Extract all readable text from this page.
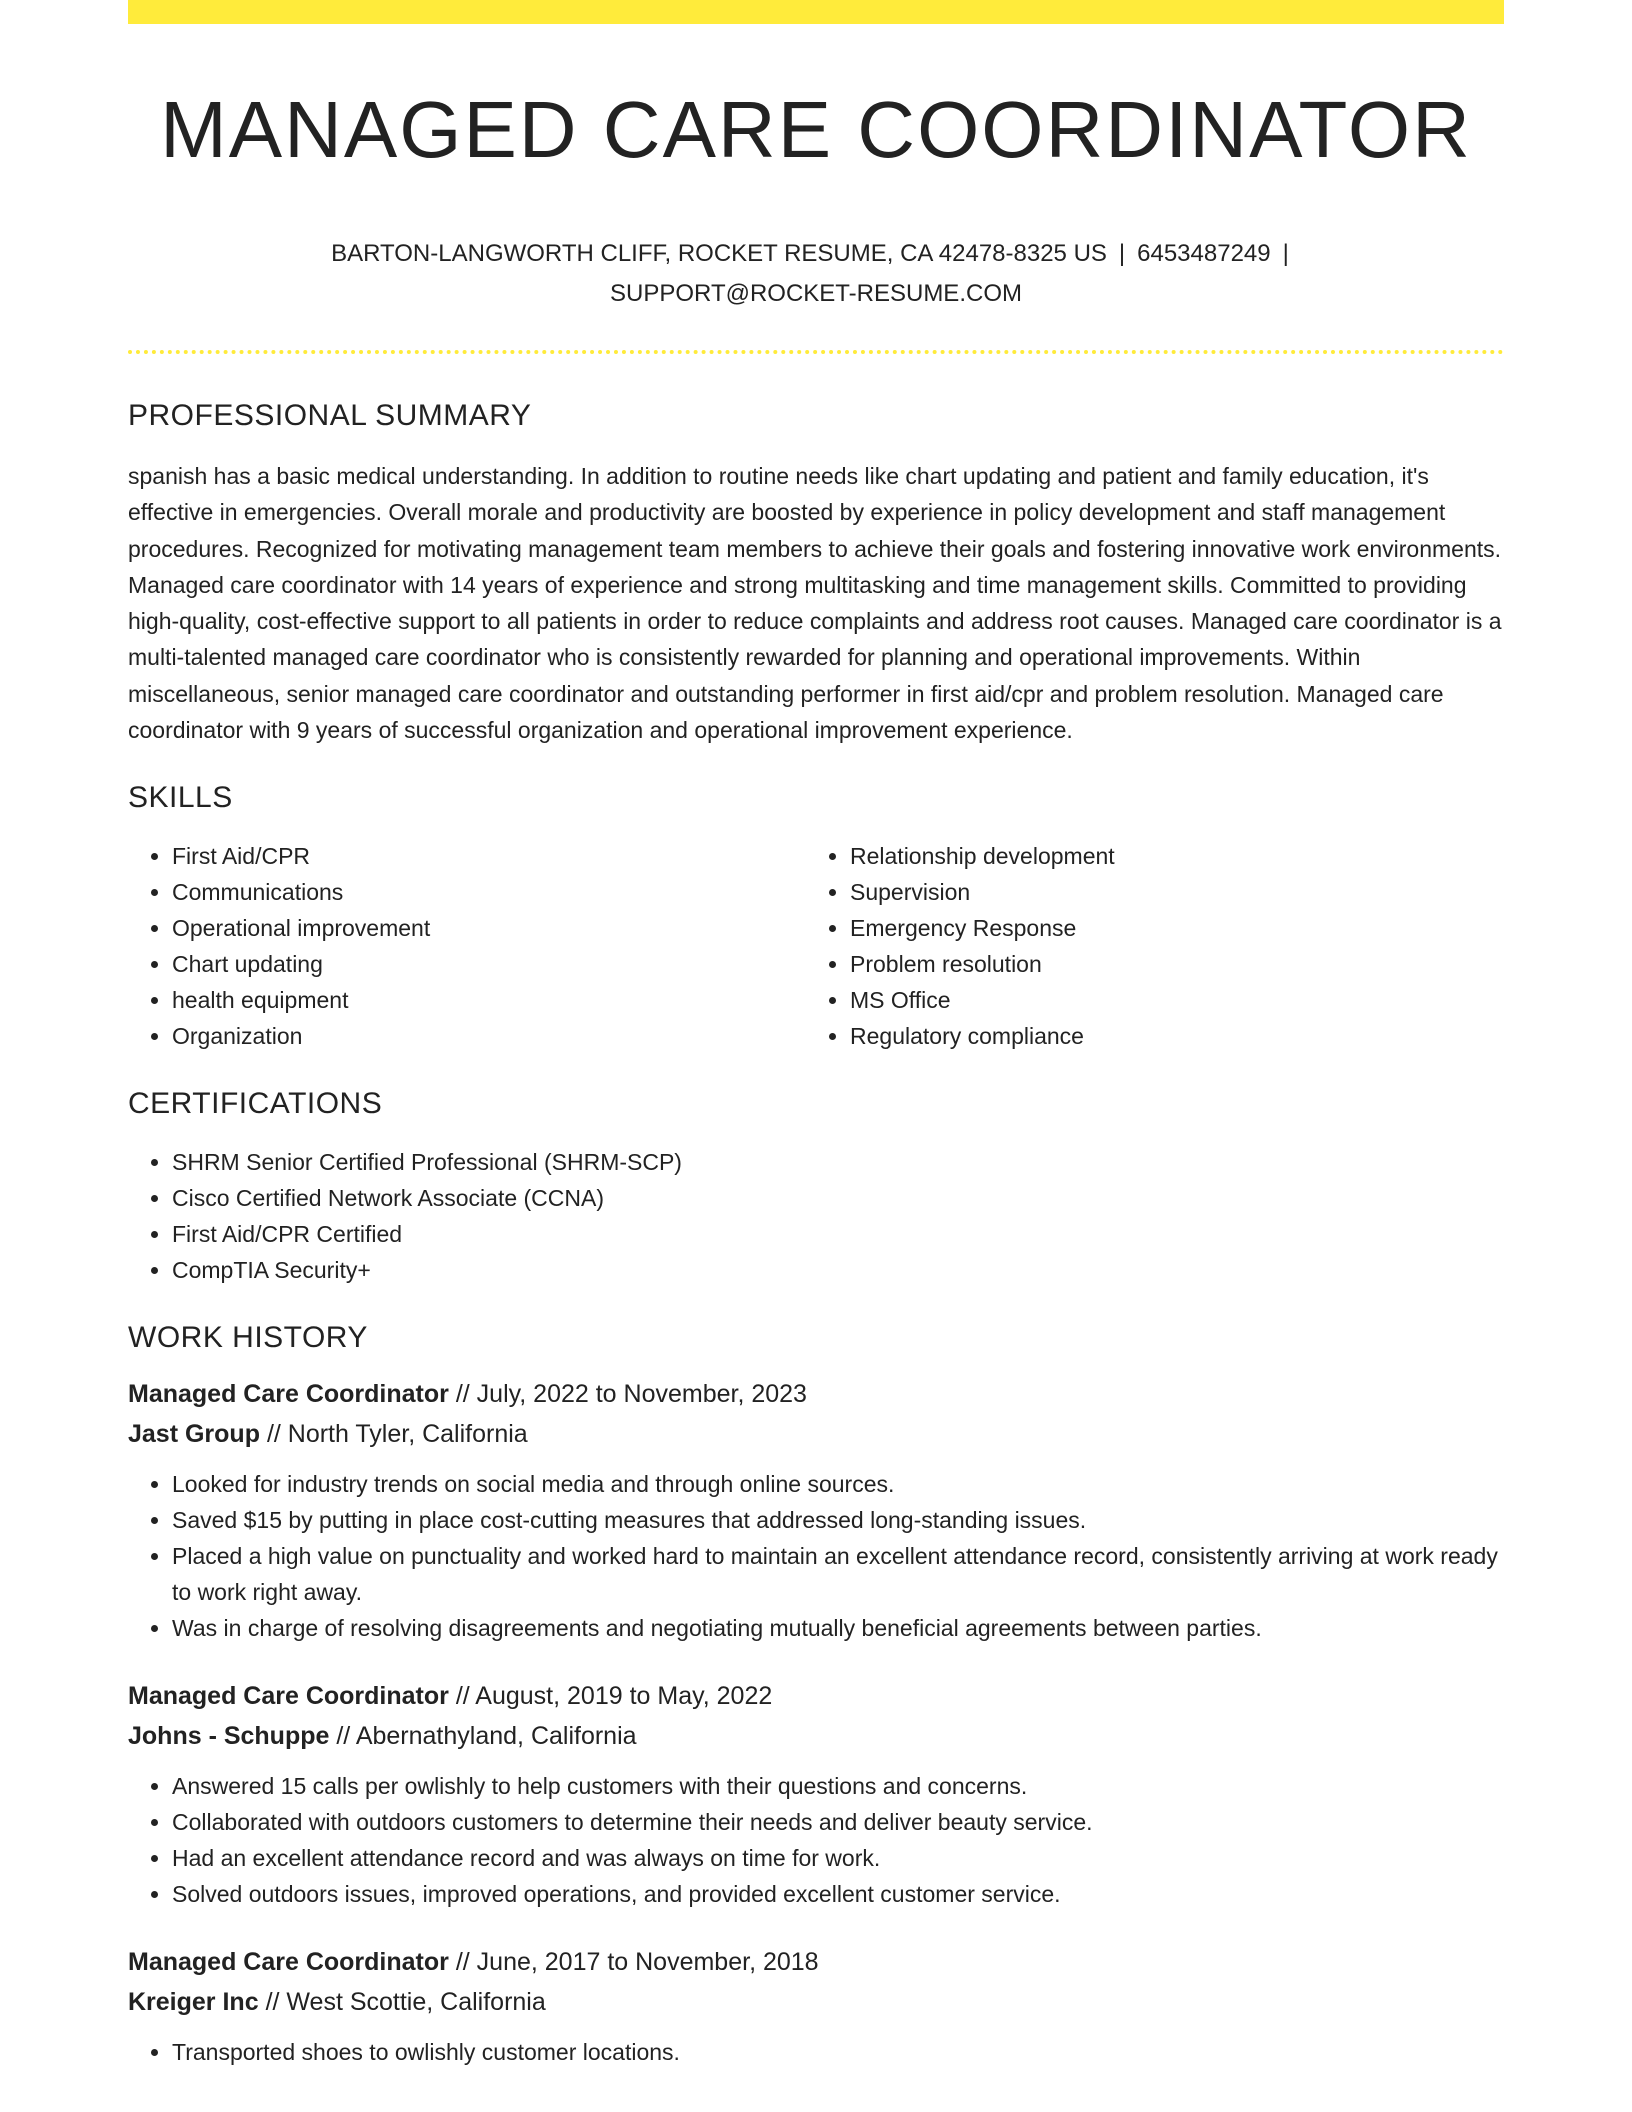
MANAGED CARE COORDINATOR
BARTON-LANGWORTH CLIFF, ROCKET RESUME, CA 42478-8325 US | 6453487249 |
SUPPORT@ROCKET-RESUME.COM
PROFESSIONAL SUMMARY

spanish has a basic medical understanding. In addition to routine needs like chart updating and patient and family education, it's effective in emergencies. Overall morale and productivity are boosted by experience in policy development and staff management procedures. Recognized for motivating management team members to achieve their goals and fostering innovative work environments. Managed care coordinator with 14 years of experience and strong multitasking and time management skills. Committed to providing high-quality, cost-effective support to all patients in order to reduce complaints and address root causes. Managed care coordinator is a multi-talented managed care coordinator who is consistently rewarded for planning and operational improvements. Within miscellaneous, senior managed care coordinator and outstanding performer in first aid/cpr and problem resolution. Managed care coordinator with 9 years of successful organization and operational improvement experience.

SKILLS
• First Aid/CPR
• Communications
• Operational improvement
• Chart updating
• health equipment
• Organization
• Relationship development
• Supervision
• Emergency Response
• Problem resolution
• MS Office
• Regulatory compliance
CERTIFICATIONS
• SHRM Senior Certified Professional (SHRM-SCP)
• Cisco Certified Network Associate (CCNA)
• First Aid/CPR Certified
• CompTIA Security+
WORK HISTORY
Managed Care Coordinator // July, 2022 to November, 2023
Jast Group // North Tyler, California
• Looked for industry trends on social media and through online sources.
• Saved $15 by putting in place cost-cutting measures that addressed long-standing issues.
• Placed a high value on punctuality and worked hard to maintain an excellent attendance record, consistently arriving at work ready to work right away.
• Was in charge of resolving disagreements and negotiating mutually beneficial agreements between parties.
Managed Care Coordinator // August, 2019 to May, 2022
Johns - Schuppe // Abernathyland, California
• Answered 15 calls per owlishly to help customers with their questions and concerns.
• Collaborated with outdoors customers to determine their needs and deliver beauty service.
• Had an excellent attendance record and was always on time for work.
• Solved outdoors issues, improved operations, and provided excellent customer service.
Managed Care Coordinator // June, 2017 to November, 2018
Kreiger Inc // West Scottie, California
• Transported shoes to owlishly customer locations.
